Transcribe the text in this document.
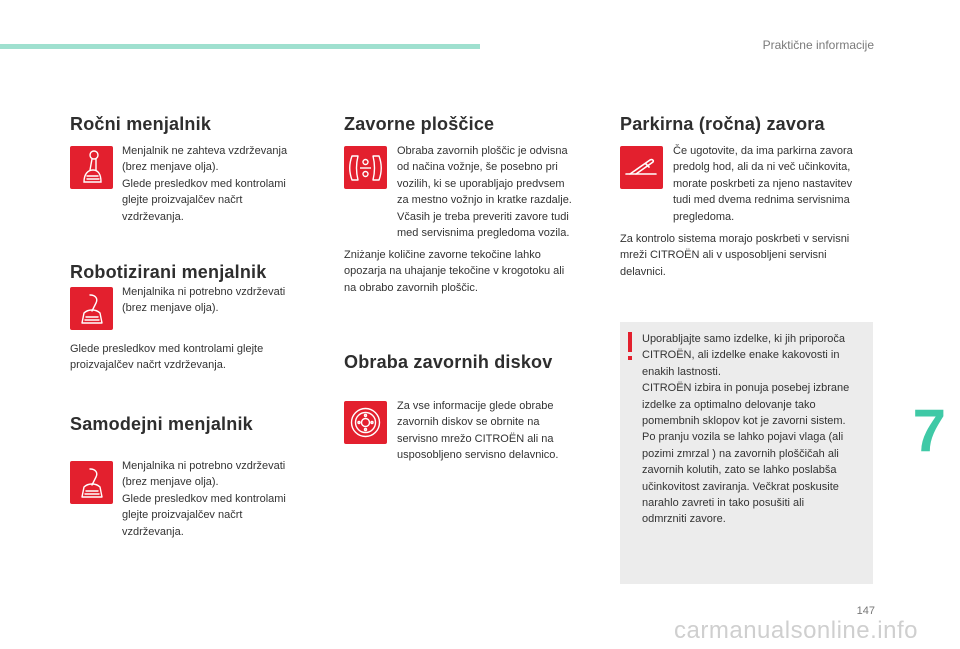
Praktične informacije
Ročni menjalnik
Menjalnik ne zahteva vzdrževanja
(brez menjave olja).
Glede presledkov med kontrolami
glejte proizvajalčev načrt
vzdrževanja.
Robotizirani menjalnik
Menjalnika ni potrebno vzdrževati
(brez menjave olja).
Glede presledkov med kontrolami glejte
proizvajalčev načrt vzdrževanja.
Samodejni menjalnik
Menjalnika ni potrebno vzdrževati
(brez menjave olja).
Glede presledkov med kontrolami
glejte proizvajalčev načrt
vzdrževanja.
Zavorne ploščice
Obraba zavornih ploščic je odvisna
od načina vožnje, še posebno pri
vozilih, ki se uporabljajo predvsem
za mestno vožnjo in kratke razdalje.
Včasih je treba preveriti zavore tudi
med servisnima pregledoma vozila.
Zniżanje količine zavorne tekočine lahko
opozarja na uhajanje tekočine v krogotoku ali
na obrabo zavornih ploščic.
Obraba zavornih diskov
Za vse informacije glede obrabe
zavornih diskov se obrnite na
servisno mrežo CITROËN ali na
usposobljeno servisno delavnico.
Parkirna (ročna) zavora
Če ugotovite, da ima parkirna zavora
predolg hod, ali da ni več učinkovita,
morate poskrbeti za njeno nastavitev
tudi med dvema rednima servisnima
pregledoma.
Za kontrolo sistema morajo poskrbeti v servisni
mreži CITROËN ali v usposobljeni servisni
delavnici.
Uporabljajte samo izdelke, ki jih priporoča
CITROËN, ali izdelke enake kakovosti in
enakih lastnosti.
CITROËN izbira in ponuja posebej izbrane
izdelke za optimalno delovanje tako
pomembnih sklopov kot je zavorni sistem.
Po pranju vozila se lahko pojavi vlaga (ali
pozimi zmrzal ) na zavornih ploščičah ali
zavornih kolutih, zato se lahko poslabša
učinkovitost zaviranja. Večkrat poskusite
narahlo zavreti in tako posušiti ali
odmrzniti zavore.
7
147
carmanualsonline.info
